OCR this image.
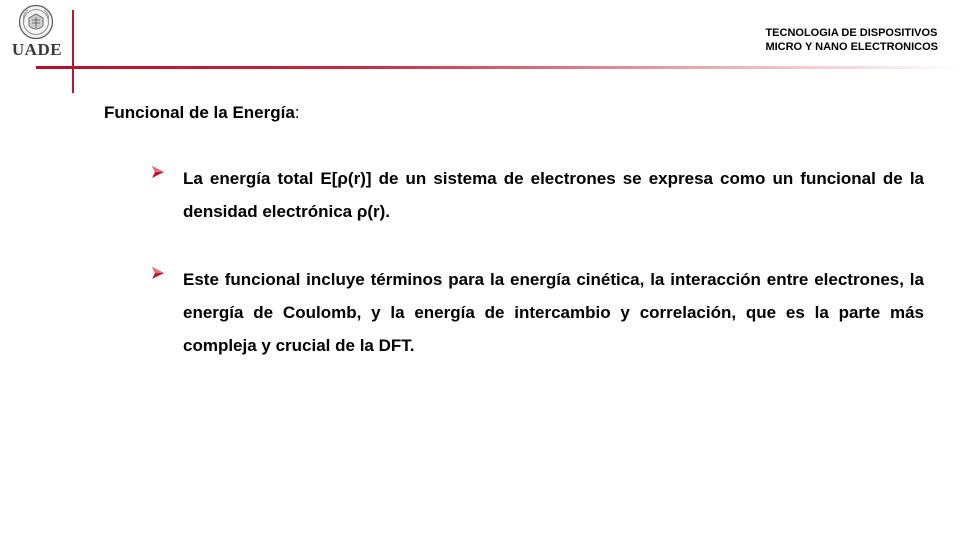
UADE
TECNOLOGIA DE DISPOSITIVOS
MICRO Y NANO ELECTRONICOS
Funcional de la Energía:
La energía total E[ρ(r)] de un sistema de electrones se expresa como un funcional de la densidad electrónica ρ(r).
Este funcional incluye términos para la energía cinética, la interacción entre electrones, la energía de Coulomb, y la energía de intercambio y correlación, que es la parte más compleja y crucial de la DFT.
